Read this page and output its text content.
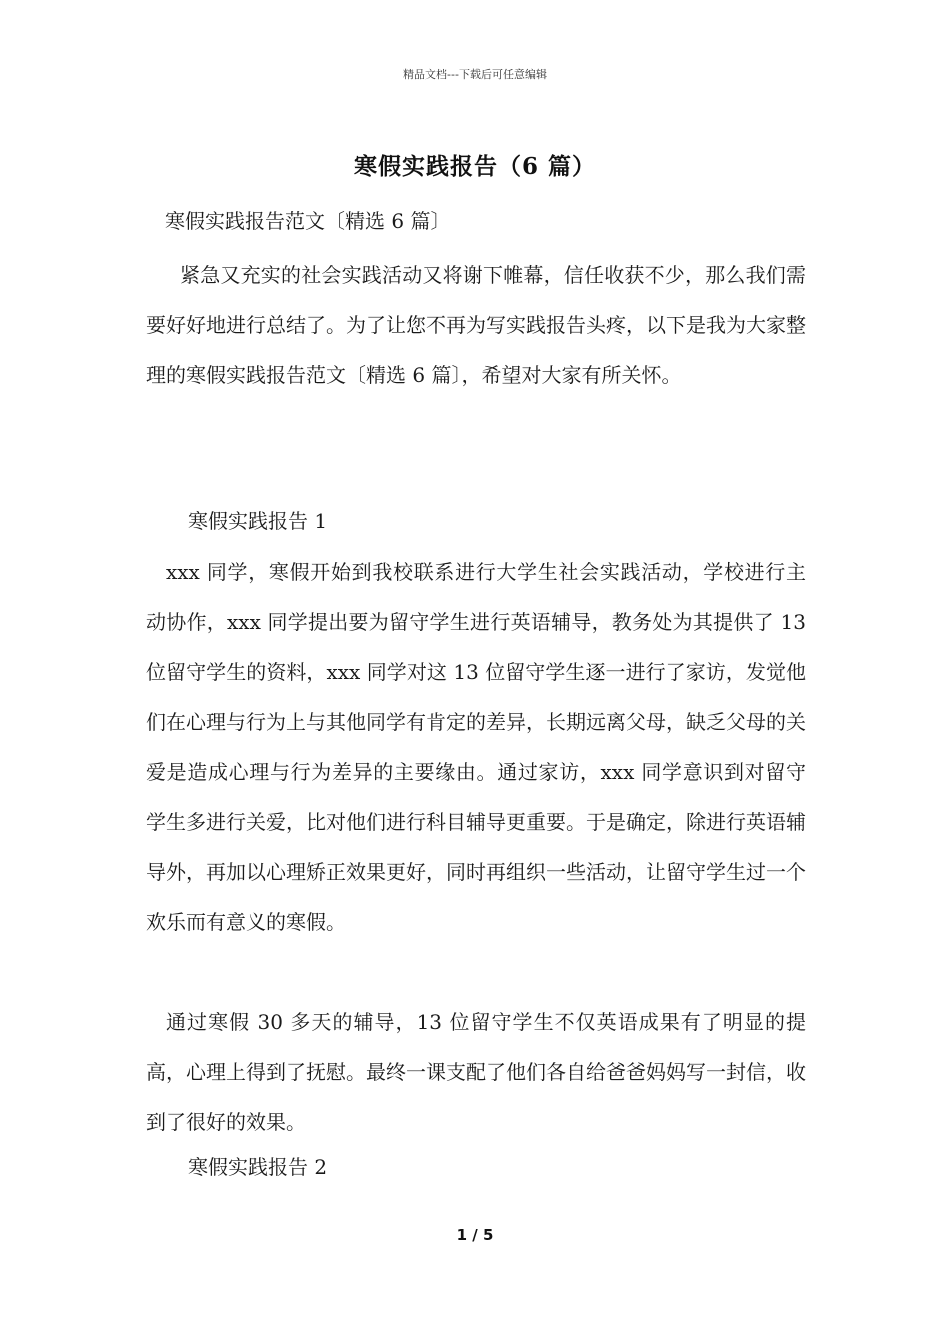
精品文档---下载后可任意编辑
寒假实践报告（6 篇）
寒假实践报告范文〔精选 6 篇〕
紧急又充实的社会实践活动又将谢下帷幕，信任收获不少，那么我们需要好好地进行总结了。为了让您不再为写实践报告头疼，以下是我为大家整理的寒假实践报告范文〔精选 6 篇〕，希望对大家有所关怀。
寒假实践报告 1
xxx 同学，寒假开始到我校联系进行大学生社会实践活动，学校进行主动协作，xxx 同学提出要为留守学生进行英语辅导，教务处为其提供了 13 位留守学生的资料，xxx 同学对这 13 位留守学生逐一进行了家访，发觉他们在心理与行为上与其他同学有肯定的差异，长期远离父母，缺乏父母的关爱是造成心理与行为差异的主要缘由。通过家访，xxx 同学意识到对留守学生多进行关爱，比对他们进行科目辅导更重要。于是确定，除进行英语辅导外，再加以心理矫正效果更好，同时再组织一些活动，让留守学生过一个欢乐而有意义的寒假。
通过寒假 30 多天的辅导，13 位留守学生不仅英语成果有了明显的提高，心理上得到了抚慰。最终一课支配了他们各自给爸爸妈妈写一封信，收到了很好的效果。
寒假实践报告 2
1 / 5
